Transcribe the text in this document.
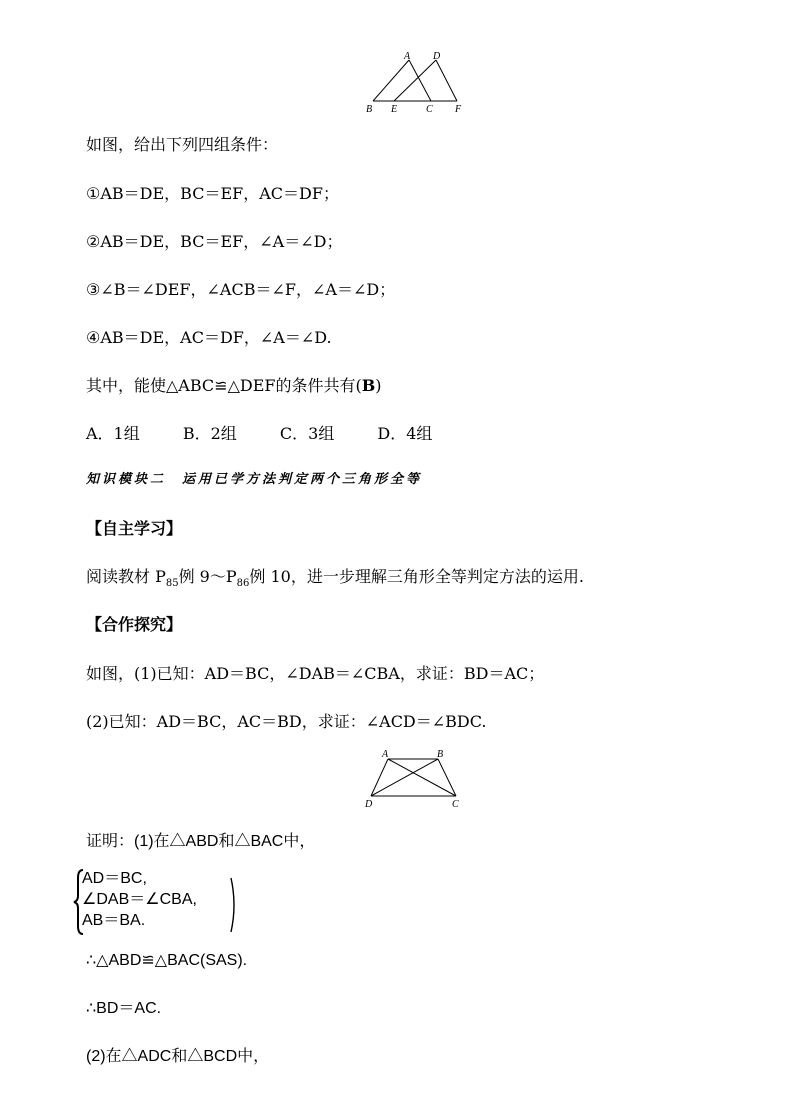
A D
B E	C F
如图，给出下列四组条件：
①AB＝DE，BC＝EF，AC＝DF；
②AB＝DE，BC＝EF，∠A＝∠D；
③∠B＝∠DEF，∠ACB＝∠F，∠A＝∠D；
④AB＝DE，AC＝DF，∠A＝∠D.
其中，能使△ABC≌△DEF的条件共有(B)
A．1组	B．2组	C．3组	D．4组
知识模块二　运用已学方法判定两个三角形全等
【自主学习】
阅读教材 $P_{85}$例 $9\sim P_{86}$例 10，进一步理解三角形全等判定方法的运用.
【合作探究】
如图，(1)已知：AD＝BC，∠DAB＝∠CBA，求证：BD＝AC；
(2)已知：AD＝BC，AC＝BD，求证：∠ACD＝∠BDC.
A	B
D	C
证明：(1)在△ABD和△BAC中，
AD＝BC,
∠DAB＝∠CBA,
AB＝BA.
∴△ABD≌△BAC(SAS).
∴BD＝AC.
(2)在△ADC和△BCD中，
